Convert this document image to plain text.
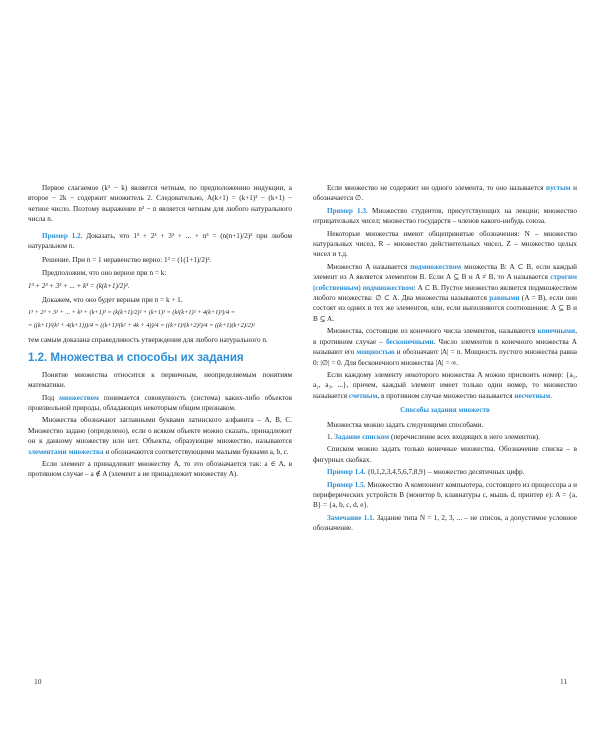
Первое слагаемое (k³ − k) является четным, по предположению индукции, а второе − 2k − содержит множитель 2. Следовательно, A(k+1) = (k+1)³ − (k+1) − четное число. Поэтому выражение n³ − n является четным для любого натурального числа n.

Пример 1.2. Доказать, что 1³ + 2³ + 3³ + ... + n³ = (n(n+1)/2)² при любом натуральном n.

Решение. При n = 1 неравенство верно: 1³ = (1(1+1)/2)².

Предположим, что оно верное при n = k:

1³ + 2³ + 3³ + ... + k³ = (k(k+1)/2)².

Докажем, что оно будет верным при n = k + 1.

1³ + 2³ + 3³ + ... + k³ + (k+1)³ = (k(k+1)/2)² + (k+1)³ = (k²(k+1)² + 4(k+1)³)/4 =

= ((k+1)²(k² + 4(k+1)))/4 = ((k+1)²(k² + 4k + 4))/4 = ((k+1)²(k+2)²)/4 = ((k+1)(k+2)/2)²

тем самым доказана справедливость утверждения для любого натурального n.

1.2. Множества и способы их задания

Понятие множества относится к первичным, неопределяемым понятиям математики.

Под множеством понимается совокупность (система) каких-либо объектов произвольной природы, обладающих некоторым общим признаком.

Множества обозначают заглавными буквами латинского алфавита – A, B, C. Множество задано (определено), если о всяком объекте можно сказать, принадлежит он к данному множеству или нет. Объекты, образующие множество, называются элементами множества и обозначаются соответствующими малыми буквами a, b, c.

Если элемент a принадлежит множеству A, то это обозначается так: a ∈ A, в противном случае – a ∉ A (элемент a не принадлежит множеству A).

10

Если множество не содержит ни одного элемента, то оно называется пустым и обозначается ∅.

Пример 1.3. Множество студентов, присутствующих на лекции; множество отрицательных чисел; множество государств – членов какого-нибудь союза.

Некоторые множества имеют общепринятые обозначения: N – множество натуральных чисел, R – множество действительных чисел, Z – множество целых чисел и т.д.

Множество A называется подмножеством множества B: A ⊂ B, если каждый элемент из A является элементом B. Если A ⊆ B и A ≠ B, то A называется строгим (собственным) подмножеством: A ⊂ B. Пустое множество является подмножеством любого множества: ∅ ⊂ A. Два множества называются равными (A = B), если они состоят из одних и тех же элементов, или, если выполняются соотношения: A ⊆ B и B ⊆ A.

Множества, состоящие из конечного числа элементов, называются конечными, в противном случае – бесконечными. Число элементов n конечного множества A называют его мощностью и обозначают |A| = n. Мощность пустого множества равна 0: |∅| = 0. Для бесконечного множества |A| = ∞.

Если каждому элементу некоторого множества A можно присвоить номер: {a₁, a₂, a₃, ...}, причем, каждый элемент имеет только один номер, то множество называется счетным, в противном случае множество называется несчетным.

Способы задания множеств

Множества можно задать следующими способами.

1. Задание списком (перечисление всех входящих в него элементов).

Списком можно задать только конечные множества. Обозначение списка – в фигурных скобках.

Пример 1.4. {0,1,2,3,4,5,6,7,8,9} – множество десятичных цифр.

Пример 1.5. Множество A компонент компьютера, состоящего из процессора a и периферических устройств B (монитор b, клавиатуры c, мышь d, принтер e): A = {a, B} = {a, b, c, d, e}.

Замечание 1.1. Задание типа N = 1, 2, 3, ... – не список, а допустимое условное обозначение.

11
